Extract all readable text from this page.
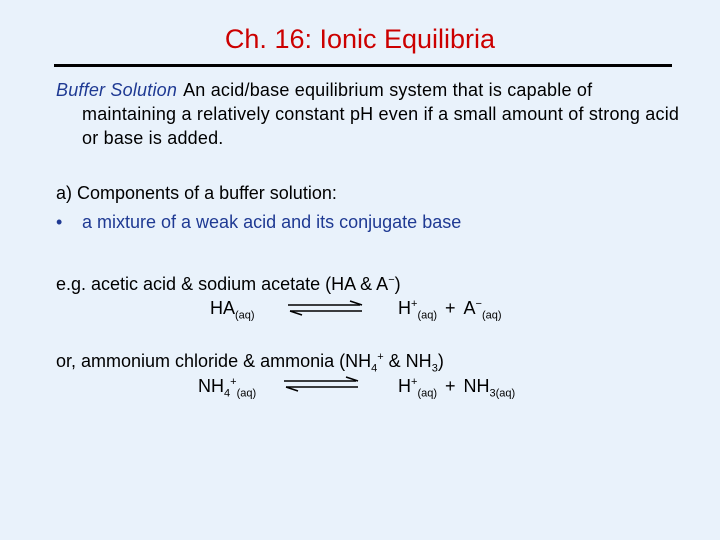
Ch. 16: Ionic Equilibria
Buffer Solution An acid/base equilibrium system that is capable of maintaining a relatively constant pH even if a small amount of strong acid or base is added.
a) Components of a buffer solution:
• a mixture of a weak acid and its conjugate base
e.g. acetic acid & sodium acetate (HA & A−)
$HA_{(aq)}$	$H^+_{(aq)} + A^-_{(aq)}$
or, ammonium chloride & ammonia ($NH_4^+$ & $NH_3$)
$NH_4^+_{(aq)}$	$H^+_{(aq)} + NH_{3(aq)}$
